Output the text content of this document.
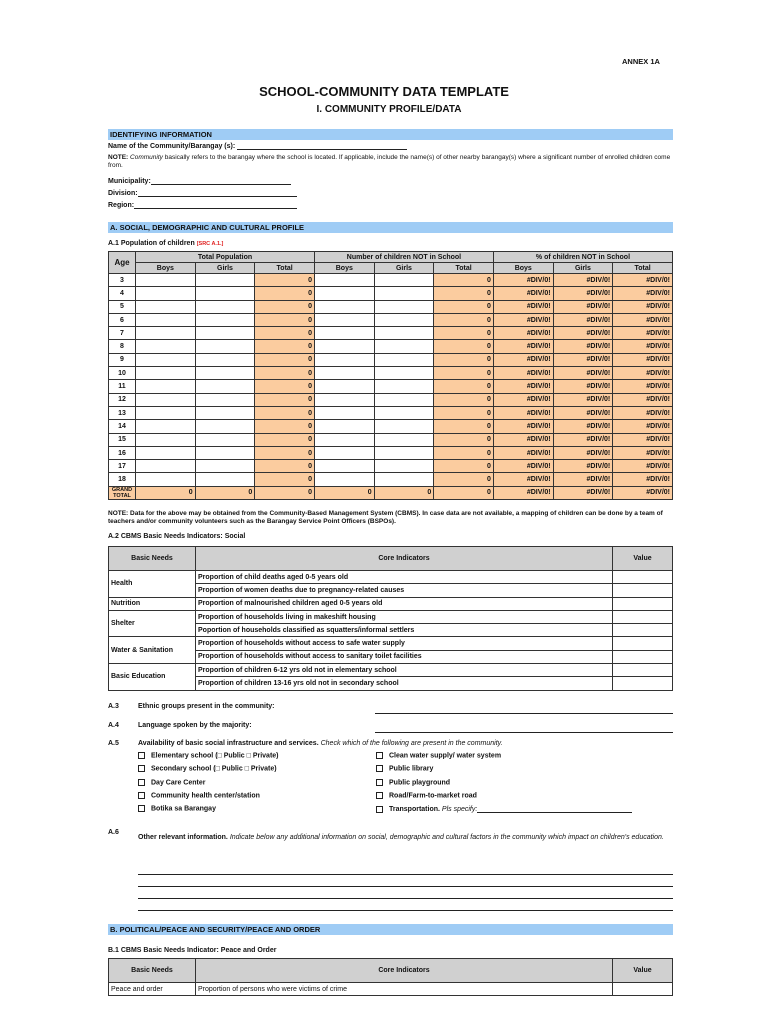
ANNEX 1A
SCHOOL-COMMUNITY DATA TEMPLATE
I. COMMUNITY PROFILE/DATA
IDENTIFYING INFORMATION
Name of the Community/Barangay (s):
NOTE: Community basically refers to the barangay where the school is located. If applicable, include the name(s) of other nearby barangay(s) where a significant number of enrolled children come from.
Municipality:
Division:
Region:
A. SOCIAL, DEMOGRAPHIC AND CULTURAL PROFILE
A.1 Population of children [SRC A.1.]
Age	Total Population			Number of children NOT in School			% of children NOT in School		
	Boys	Girls	Total	Boys	Girls	Total	Boys	Girls	Total
3			0			0	#DIV/0!	#DIV/0!	#DIV/0!
4			0			0	#DIV/0!	#DIV/0!	#DIV/0!
5			0			0	#DIV/0!	#DIV/0!	#DIV/0!
6			0			0	#DIV/0!	#DIV/0!	#DIV/0!
7			0			0	#DIV/0!	#DIV/0!	#DIV/0!
8			0			0	#DIV/0!	#DIV/0!	#DIV/0!
9			0			0	#DIV/0!	#DIV/0!	#DIV/0!
10			0			0	#DIV/0!	#DIV/0!	#DIV/0!
11			0			0	#DIV/0!	#DIV/0!	#DIV/0!
12			0			0	#DIV/0!	#DIV/0!	#DIV/0!
13			0			0	#DIV/0!	#DIV/0!	#DIV/0!
14			0			0	#DIV/0!	#DIV/0!	#DIV/0!
15			0			0	#DIV/0!	#DIV/0!	#DIV/0!
16			0			0	#DIV/0!	#DIV/0!	#DIV/0!
17			0			0	#DIV/0!	#DIV/0!	#DIV/0!
18			0			0	#DIV/0!	#DIV/0!	#DIV/0!
GRAND TOTAL	0	0	0	0	0	0	#DIV/0!	#DIV/0!	#DIV/0!
NOTE: Data for the above may be obtained from the Community-Based Management System (CBMS). In case data are not available, a mapping of children can be done by a team of teachers and/or community volunteers such as the Barangay Service Point Officers (BSPOs).
A.2 CBMS Basic Needs Indicators: Social
Basic Needs	Core Indicators	Value
Health	Proportion of child deaths aged 0-5 years old	
	Proportion of women deaths due to pregnancy-related causes	
Nutrition	Proportion of malnourished children aged 0-5 years old	
Shelter	Proportion of households living in makeshift housing	
	Poportion of households classified as squatters/informal settlers	
Water & Sanitation	Proportion of households without access to safe water supply	
	Proportion of households without access to sanitary toilet facilities	
Basic Education	Proportion of children 6-12 yrs old not in elementary school	
	Proportion of children 13-16 yrs old not in secondary school	
A.3	Ethnic groups present in the community:
A.4	Language spoken by the majority:
A.5	Availability of basic social infrastructure and services. Check which of the following are present in the community.
Elementary school (□ Public □ Private)
Secondary school (□ Public □ Private)
Day Care Center
Community health center/station
Botika sa Barangay
Clean water supply/ water system
Public library
Public playground
Road/Farm-to-market road
Transportation. Pls specify:
A.6
Other relevant information. Indicate below any additional information on social, demographic and cultural factors in the community which impact on children's education.
B. POLITICAL/PEACE AND SECURITY/PEACE AND ORDER
B.1 CBMS Basic Needs Indicator: Peace and Order
Basic Needs	Core Indicators	Value
Peace and order	Proportion of persons who were victims of crime	
